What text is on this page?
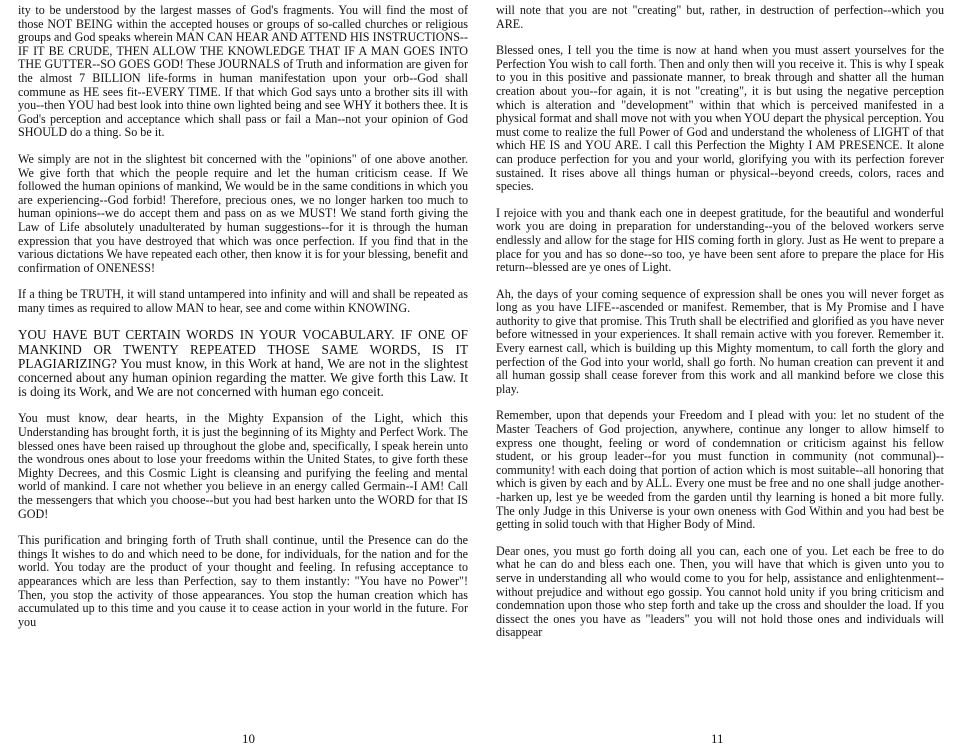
ity to be understood by the largest masses of God's fragments. You will find the most of those NOT BEING within the accepted houses or groups of so-called churches or religious groups and God speaks wherein MAN CAN HEAR AND ATTEND HIS INSTRUCTIONS--IF IT BE CRUDE, THEN ALLOW THE KNOWLEDGE THAT IF A MAN GOES INTO THE GUTTER--SO GOES GOD! These JOURNALS of Truth and information are given for the almost 7 BILLION life-forms in human manifestation upon your orb--God shall commune as HE sees fit--EVERY TIME. If that which God says unto a brother sits ill with you--then YOU had best look into thine own lighted being and see WHY it bothers thee. It is God's perception and acceptance which shall pass or fail a Man--not your opinion of God SHOULD do a thing. So be it.

We simply are not in the slightest bit concerned with the "opinions" of one above another. We give forth that which the people require and let the human criticism cease. If We followed the human opinions of mankind, We would be in the same conditions in which you are experiencing--God forbid! Therefore, precious ones, we no longer harken too much to human opinions--we do accept them and pass on as we MUST! We stand forth giving the Law of Life absolutely unadulterated by human suggestions--for it is through the human expression that you have destroyed that which was once perfection. If you find that in the various dictations We have repeated each other, then know it is for your blessing, benefit and confirmation of ONENESS!

If a thing be TRUTH, it will stand untampered into infinity and will and shall be repeated as many times as required to allow MAN to hear, see and come within KNOWING.

YOU HAVE BUT CERTAIN WORDS IN YOUR VOCABULARY. IF ONE OF MANKIND OR TWENTY REPEATED THOSE SAME WORDS, IS IT PLAGIARIZING? You must know, in this Work at hand, We are not in the slightest concerned about any human opinion regarding the matter. We give forth this Law. It is doing its Work, and We are not concerned with human ego conceit.

You must know, dear hearts, in the Mighty Expansion of the Light, which this Understanding has brought forth, it is just the beginning of its Mighty and Perfect Work. The blessed ones have been raised up throughout the globe and, specifically, I speak herein unto the wondrous ones about to lose your freedoms within the United States, to give forth these Mighty Decrees, and this Cosmic Light is cleansing and purifying the feeling and mental world of mankind. I care not whether you believe in an energy called Germain--I AM! Call the messengers that which you choose--but you had best harken unto the WORD for that IS GOD!

This purification and bringing forth of Truth shall continue, until the Presence can do the things It wishes to do and which need to be done, for individuals, for the nation and for the world. You today are the product of your thought and feeling. In refusing acceptance to appearances which are less than Perfection, say to them instantly: "You have no Power"! Then, you stop the activity of those appearances. You stop the human creation which has accumulated up to this time and you cause it to cease action in your world in the future. For you

will note that you are not "creating" but, rather, in destruction of perfection--which you ARE.

Blessed ones, I tell you the time is now at hand when you must assert yourselves for the Perfection You wish to call forth. Then and only then will you receive it. This is why I speak to you in this positive and passionate manner, to break through and shatter all the human creation about you--for again, it is not "creating", it is but using the negative perception which is alteration and "development" within that which is perceived manifested in a physical format and shall move not with you when YOU depart the physical perception. You must come to realize the full Power of God and understand the wholeness of LIGHT of that which HE IS and YOU ARE. I call this Perfection the Mighty I AM PRESENCE. It alone can produce perfection for you and your world, glorifying you with its perfection forever sustained. It rises above all things human or physical--beyond creeds, colors, races and species.

I rejoice with you and thank each one in deepest gratitude, for the beautiful and wonderful work you are doing in preparation for understanding--you of the beloved workers serve endlessly and allow for the stage for HIS coming forth in glory. Just as He went to prepare a place for you and has so done--so too, ye have been sent afore to prepare the place for His return--blessed are ye ones of Light.

Ah, the days of your coming sequence of expression shall be ones you will never forget as long as you have LIFE--ascended or manifest. Remember, that is My Promise and I have authority to give that promise. This Truth shall be electrified and glorified as you have never before witnessed in your experiences. It shall remain active with you forever. Remember it. Every earnest call, which is building up this Mighty momentum, to call forth the glory and perfection of the God into your world, shall go forth. No human creation can prevent it and all human gossip shall cease forever from this work and all mankind before we close this play.

Remember, upon that depends your Freedom and I plead with you: let no student of the Master Teachers of God projection, anywhere, continue any longer to allow himself to express one thought, feeling or word of condemnation or criticism against his fellow student, or his group leader--for you must function in community (not communal)--community! with each doing that portion of action which is most suitable--all honoring that which is given by each and by ALL. Every one must be free and no one shall judge another--harken up, lest ye be weeded from the garden until thy learning is honed a bit more fully. The only Judge in this Universe is your own oneness with God Within and you had best be getting in solid touch with that Higher Body of Mind.

Dear ones, you must go forth doing all you can, each one of you. Let each be free to do what he can do and bless each one. Then, you will have that which is given unto you to serve in understanding all who would come to you for help, assistance and enlightenment--without prejudice and without ego gossip. You cannot hold unity if you bring criticism and condemnation upon those who step forth and take up the cross and shoulder the load. If you dissect the ones you have as "leaders" you will not hold those ones and individuals will disappear

10	11
